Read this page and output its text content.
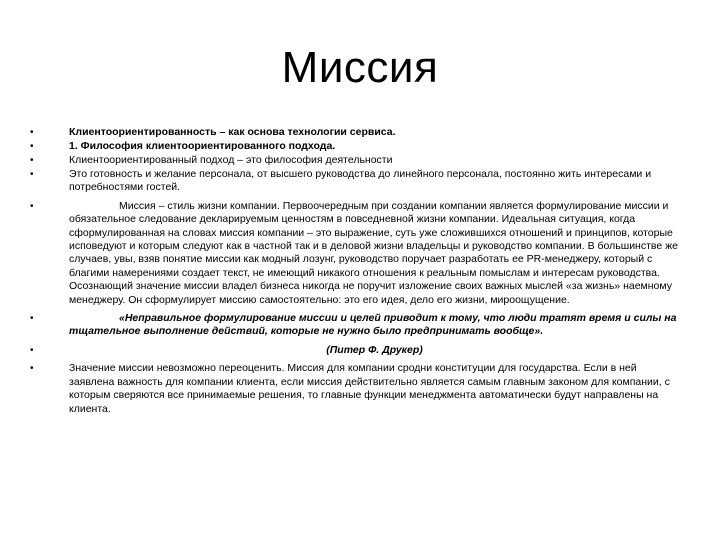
Миссия
•	Клиентоориентированность – как основа технологии сервиса.
•	1. Философия клиентоориентированного подхода.
•	Клиентоориентированный подход – это философия деятельности
•	Это готовность и желание персонала, от высшего руководства до линейного персонала, постоянно жить интересами и потребностями гостей.
•	Миссия – стиль жизни компании. Первоочередным при создании компании является формулирование миссии и обязательное следование декларируемым ценностям в повседневной жизни компании. Идеальная ситуация, когда сформулированная на словах миссия компании – это выражение, суть уже сложившихся отношений и принципов, которые исповедуют и которым следуют как в частной так и в деловой жизни владельцы и руководство компании. В большинстве же случаев, увы, взяв понятие миссии как модный лозунг, руководство поручает разработать ее PR-менеджеру, который с благими намерениями создает текст, не имеющий никакого отношения к реальным помыслам и интересам руководства. Осознающий значение миссии владел бизнеса никогда не поручит изложение своих важных мыслей «за жизнь» наемному менеджеру. Он сформулирует миссию самостоятельно: это его идея, дело его жизни, мироощущение.
•	«Неправильное формулирование миссии и целей приводит к тому, что люди тратят время и силы на тщательное выполнение действий, которые не нужно было предпринимать вообще».
•	(Питер Ф. Друкер)
•	Значение миссии невозможно переоценить. Миссия для компании сродни конституции для государства. Если в ней заявлена важность для компании клиента, если миссия действительно является самым главным законом для компании, с которым сверяются все принимаемые решения, то главные функции менеджмента автоматически будут направлены на клиента.
